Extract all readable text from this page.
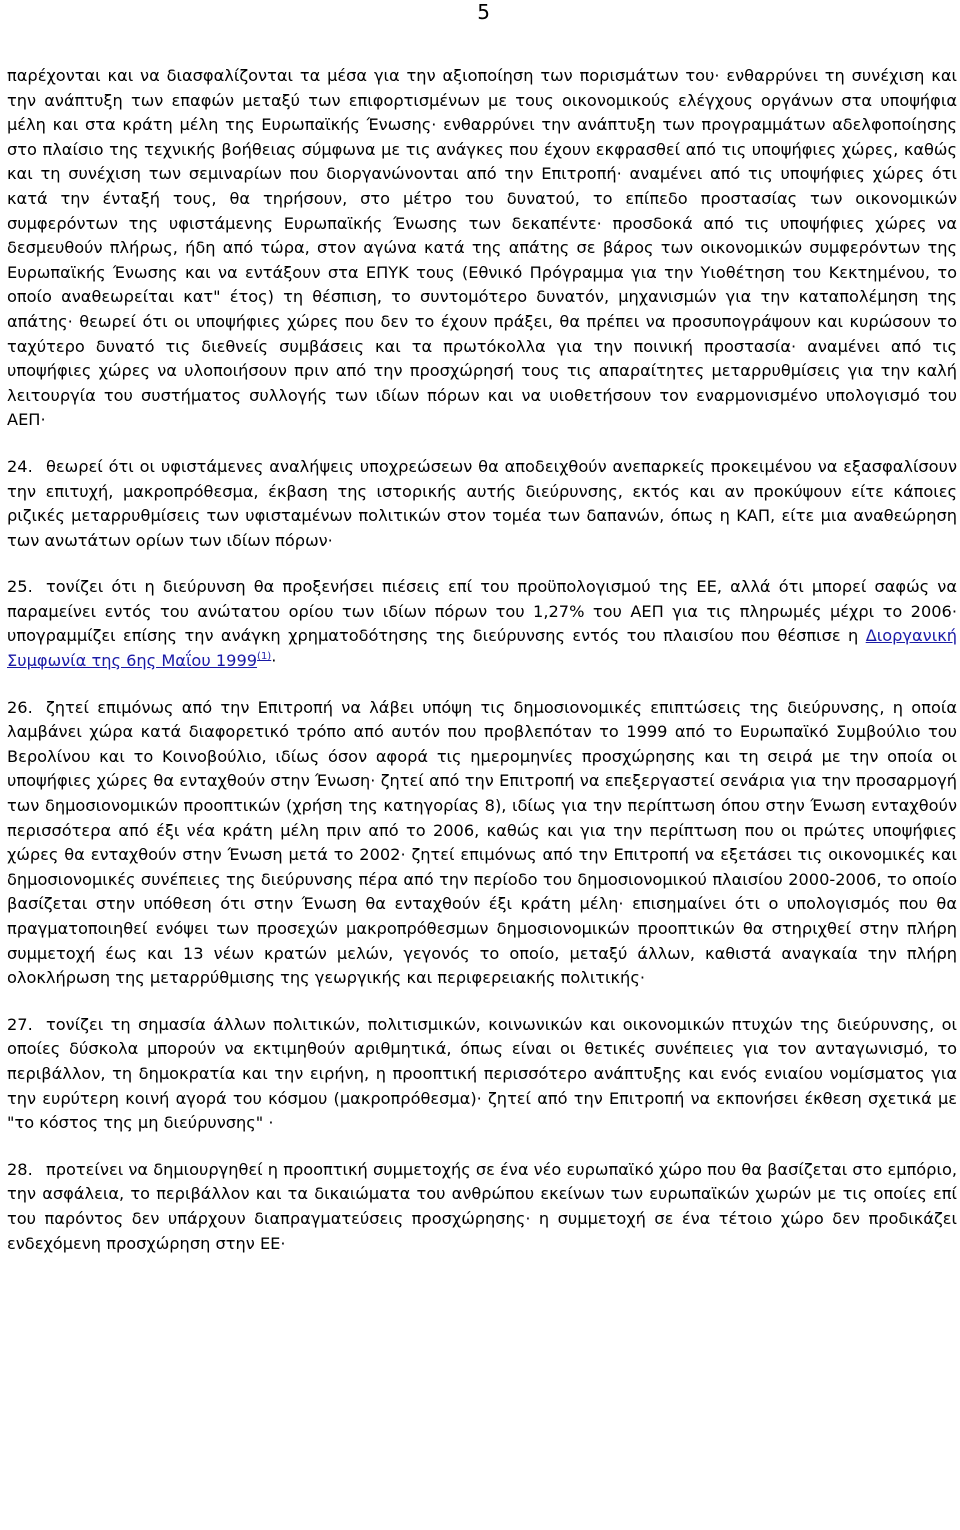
5

παρέχονται και να διασφαλίζονται τα μέσα για την αξιοποίηση των πορισμάτων του· ενθαρρύνει τη συνέχιση και την ανάπτυξη των επαφών μεταξύ των επιφορτισμένων με τους οικονομικούς ελέγχους οργάνων στα υποψήφια μέλη και στα κράτη μέλη της Ευρωπαϊκής Ένωσης· ενθαρρύνει την ανάπτυξη των προγραμμάτων αδελφοποίησης στο πλαίσιο της τεχνικής βοήθειας σύμφωνα με τις ανάγκες που έχουν εκφρασθεί από τις υποψήφιες χώρες, καθώς και τη συνέχιση των σεμιναρίων που διοργανώνονται από την Επιτροπή· αναμένει από τις υποψήφιες χώρες ότι κατά την ένταξή τους, θα τηρήσουν, στο μέτρο του δυνατού, το επίπεδο προστασίας των οικονομικών συμφερόντων της υφιστάμενης Ευρωπαϊκής Ένωσης των δεκαπέντε· προσδοκά από τις υποψήφιες χώρες να δεσμευθούν πλήρως, ήδη από τώρα, στον αγώνα κατά της απάτης σε βάρος των οικονομικών συμφερόντων της Ευρωπαϊκής Ένωσης και να εντάξουν στα ΕΠΥΚ τους (Εθνικό Πρόγραμμα για την Υιοθέτηση του Κεκτημένου, το οποίο αναθεωρείται κατ" έτος) τη θέσπιση, το συντομότερο δυνατόν, μηχανισμών για την καταπολέμηση της απάτης· θεωρεί ότι οι υποψήφιες χώρες που δεν το έχουν πράξει, θα πρέπει να προσυπογράψουν και κυρώσουν το ταχύτερο δυνατό τις διεθνείς συμβάσεις και τα πρωτόκολλα για την ποινική προστασία· αναμένει από τις υποψήφιες χώρες να υλοποιήσουν πριν από την προσχώρησή τους τις απαραίτητες μεταρρυθμίσεις για την καλή λειτουργία του συστήματος συλλογής των ιδίων πόρων και να υιοθετήσουν τον εναρμονισμένο υπολογισμό του ΑΕΠ·

24. θεωρεί ότι οι υφιστάμενες αναλήψεις υποχρεώσεων θα αποδειχθούν ανεπαρκείς προκειμένου να εξασφαλίσουν την επιτυχή, μακροπρόθεσμα, έκβαση της ιστορικής αυτής διεύρυνσης, εκτός και αν προκύψουν είτε κάποιες ριζικές μεταρρυθμίσεις των υφισταμένων πολιτικών στον τομέα των δαπανών, όπως η ΚΑΠ, είτε μια αναθεώρηση των ανωτάτων ορίων των ιδίων πόρων·

25. τονίζει ότι η διεύρυνση θα προξενήσει πιέσεις επί του προϋπολογισμού της ΕΕ, αλλά ότι μπορεί σαφώς να παραμείνει εντός του ανώτατου ορίου των ιδίων πόρων του 1,27% του ΑΕΠ για τις πληρωμές μέχρι το 2006· υπογραμμίζει επίσης την ανάγκη χρηματοδότησης της διεύρυνσης εντός του πλαισίου που θέσπισε η Διοργανική Συμφωνία της 6ης Μαΐου $1999^{(1)}\cdot$

26. ζητεί επιμόνως από την Επιτροπή να λάβει υπόψη τις δημοσιονομικές επιπτώσεις της διεύρυνσης, η οποία λαμβάνει χώρα κατά διαφορετικό τρόπο από αυτόν που προβλεπόταν το 1999 από το Ευρωπαϊκό Συμβούλιο του Βερολίνου και το Κοινοβούλιο, ιδίως όσον αφορά τις ημερομηνίες προσχώρησης και τη σειρά με την οποία οι υποψήφιες χώρες θα ενταχθούν στην Ένωση· ζητεί από την Επιτροπή να επεξεργαστεί σενάρια για την προσαρμογή των δημοσιονομικών προοπτικών (χρήση της κατηγορίας 8), ιδίως για την περίπτωση όπου στην Ένωση ενταχθούν περισσότερα από έξι νέα κράτη μέλη πριν από το 2006, καθώς και για την περίπτωση που οι πρώτες υποψήφιες χώρες θα ενταχθούν στην Ένωση μετά το 2002· ζητεί επιμόνως από την Επιτροπή να εξετάσει τις οικονομικές και δημοσιονομικές συνέπειες της διεύρυνσης πέρα από την περίοδο του δημοσιονομικού πλαισίου 2000-2006, το οποίο βασίζεται στην υπόθεση ότι στην Ένωση θα ενταχθούν έξι κράτη μέλη· επισημαίνει ότι ο υπολογισμός που θα πραγματοποιηθεί ενόψει των προσεχών μακροπρόθεσμων δημοσιονομικών προοπτικών θα στηριχθεί στην πλήρη συμμετοχή έως και 13 νέων κρατών μελών, γεγονός το οποίο, μεταξύ άλλων, καθιστά αναγκαία την πλήρη ολοκλήρωση της μεταρρύθμισης της γεωργικής και περιφερειακής πολιτικής·

27. τονίζει τη σημασία άλλων πολιτικών, πολιτισμικών, κοινωνικών και οικονομικών πτυχών της διεύρυνσης, οι οποίες δύσκολα μπορούν να εκτιμηθούν αριθμητικά, όπως είναι οι θετικές συνέπειες για τον ανταγωνισμό, το περιβάλλον, τη δημοκρατία και την ειρήνη, η προοπτική περισσότερο ανάπτυξης και ενός ενιαίου νομίσματος για την ευρύτερη κοινή αγορά του κόσμου (μακροπρόθεσμα)· ζητεί από την Επιτροπή να εκπονήσει έκθεση σχετικά με "το κόστος της μη διεύρυνσης" ·

28. προτείνει να δημιουργηθεί η προοπτική συμμετοχής σε ένα νέο ευρωπαϊκό χώρο που θα βασίζεται στο εμπόριο, την ασφάλεια, το περιβάλλον και τα δικαιώματα του ανθρώπου εκείνων των ευρωπαϊκών χωρών με τις οποίες επί του παρόντος δεν υπάρχουν διαπραγματεύσεις προσχώρησης· η συμμετοχή σε ένα τέτοιο χώρο δεν προδικάζει ενδεχόμενη προσχώρηση στην ΕΕ·
